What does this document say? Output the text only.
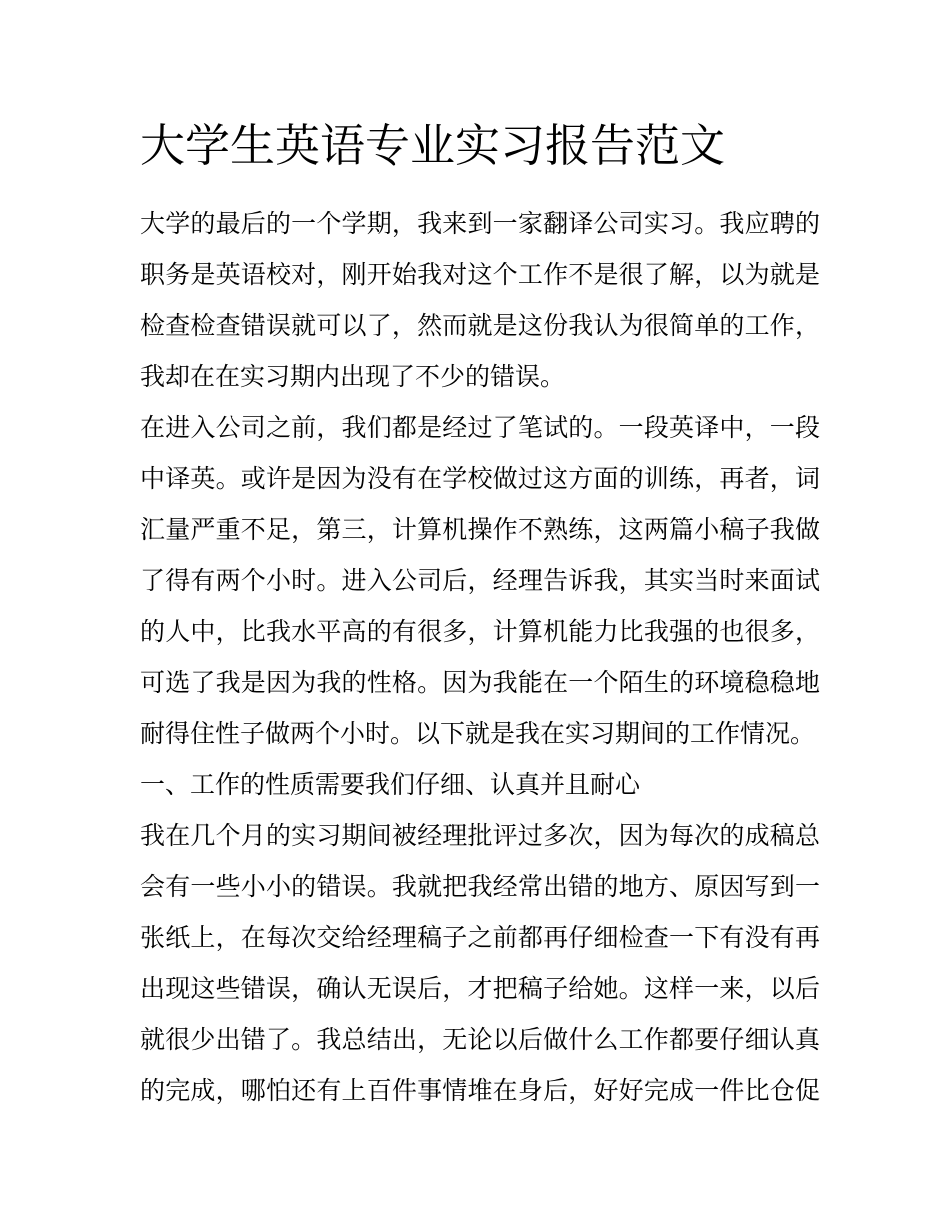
大学生英语专业实习报告范文
大学的最后的一个学期，我来到一家翻译公司实习。我应聘的
职务是英语校对，刚开始我对这个工作不是很了解，以为就是
检查检查错误就可以了，然而就是这份我认为很简单的工作，
我却在在实习期内出现了不少的错误。
在进入公司之前，我们都是经过了笔试的。一段英译中，一段
中译英。或许是因为没有在学校做过这方面的训练，再者，词
汇量严重不足，第三，计算机操作不熟练，这两篇小稿子我做
了得有两个小时。进入公司后，经理告诉我，其实当时来面试
的人中，比我水平高的有很多，计算机能力比我强的也很多，
可选了我是因为我的性格。因为我能在一个陌生的环境稳稳地
耐得住性子做两个小时。以下就是我在实习期间的工作情况。
一、工作的性质需要我们仔细、认真并且耐心
我在几个月的实习期间被经理批评过多次，因为每次的成稿总
会有一些小小的错误。我就把我经常出错的地方、原因写到一
张纸上，在每次交给经理稿子之前都再仔细检查一下有没有再
出现这些错误，确认无误后，才把稿子给她。这样一来，以后
就很少出错了。我总结出，无论以后做什么工作都要仔细认真
的完成，哪怕还有上百件事情堆在身后，好好完成一件比仓促
